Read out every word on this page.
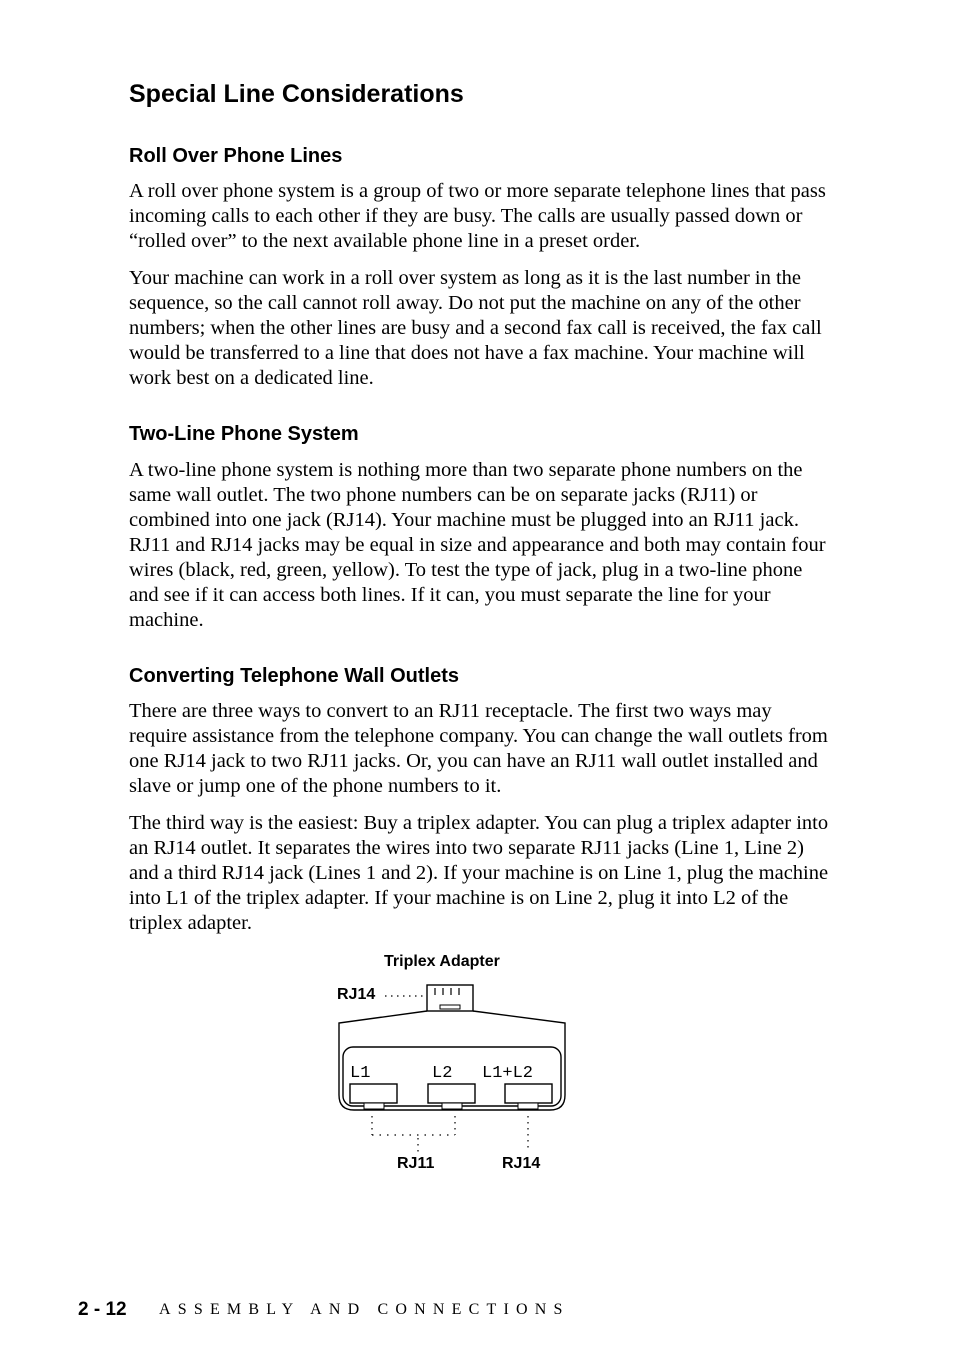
Special Line Considerations
Roll Over Phone Lines

A roll over phone system is a group of two or more separate telephone lines that pass incoming calls to each other if they are busy. The calls are usually passed down or “rolled over” to the next available phone line in a preset order.

Your machine can work in a roll over system as long as it is the last number in the sequence, so the call cannot roll away. Do not put the machine on any of the other numbers; when the other lines are busy and a second fax call is received, the fax call would be transferred to a line that does not have a fax machine. Your machine will work best on a dedicated line.

Two-Line Phone System

A two-line phone system is nothing more than two separate phone numbers on the same wall outlet. The two phone numbers can be on separate jacks (RJ11) or combined into one jack (RJ14). Your machine must be plugged into an RJ11 jack. RJ11 and RJ14 jacks may be equal in size and appearance and both may contain four wires (black, red, green, yellow). To test the type of jack, plug in a two-line phone and see if it can access both lines. If it can, you must separate the line for your machine.

Converting Telephone Wall Outlets

There are three ways to convert to an RJ11 receptacle. The first two ways may require assistance from the telephone company. You can change the wall outlets from one RJ14 jack to two RJ11 jacks. Or, you can have an RJ11 wall outlet installed and slave or jump one of the phone numbers to it.

The third way is the easiest: Buy a triplex adapter. You can plug a triplex adapter into an RJ14 outlet. It separates the wires into two separate RJ11 jacks (Line 1, Line 2) and a third RJ14 jack (Lines 1 and 2). If your machine is on Line 1, plug the machine into L1 of the triplex adapter. If your machine is on Line 2, plug it into L2 of the triplex adapter.

Triplex Adapter
RJ14
RJ11	RJ14
L1	L2 L1+L2
2 - 12 ASSEMBLY AND CONNECTIONS
